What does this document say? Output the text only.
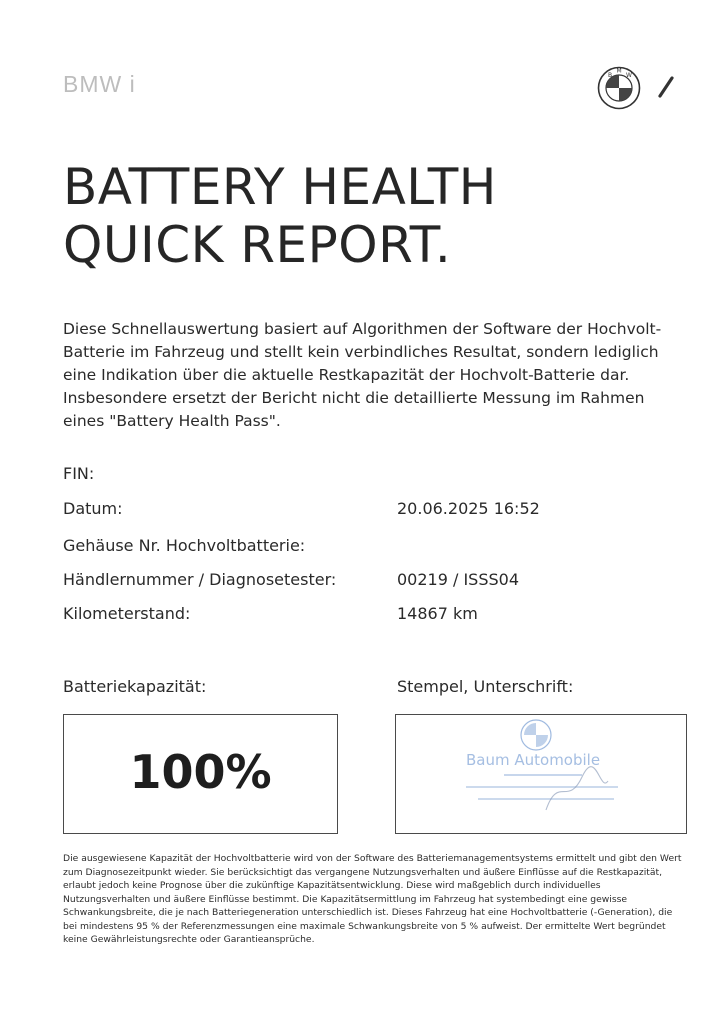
BMW i	B
M
W
BATTERY HEALTH
QUICK REPORT.
Diese Schnellauswertung basiert auf Algorithmen der Software der Hochvolt-Batterie im Fahrzeug und stellt kein verbindliches Resultat, sondern lediglich eine Indikation über die aktuelle Restkapazität der Hochvolt-Batterie dar. Insbesondere ersetzt der Bericht nicht die detaillierte Messung im Rahmen eines "Battery Health Pass".
FIN:
Datum:	20.06.2025 16:52
Gehäuse Nr. Hochvoltbatterie:
Händlernummer / Diagnosetester:	00219 / ISSS04
Kilometerstand:	14867 km
Batteriekapazität:	Stempel, Unterschrift:
100%	Baum Automobile
Die ausgewiesene Kapazität der Hochvoltbatterie wird von der Software des Batteriemanagementsystems ermittelt und gibt den Wert zum Diagnosezeitpunkt wieder. Sie berücksichtigt das vergangene Nutzungsverhalten und äußere Einflüsse auf die Restkapazität, erlaubt jedoch keine Prognose über die zukünftige Kapazitätsentwicklung. Diese wird maßgeblich durch individuelles Nutzungsverhalten und äußere Einflüsse bestimmt. Die Kapazitätsermittlung im Fahrzeug hat systembedingt eine gewisse Schwankungsbreite, die je nach Batteriegeneration unterschiedlich ist. Dieses Fahrzeug hat eine Hochvoltbatterie (-Generation), die bei mindestens 95 % der Referenzmessungen eine maximale Schwankungsbreite von 5 % aufweist. Der ermittelte Wert begründet keine Gewährleistungsrechte oder Garantieansprüche.
